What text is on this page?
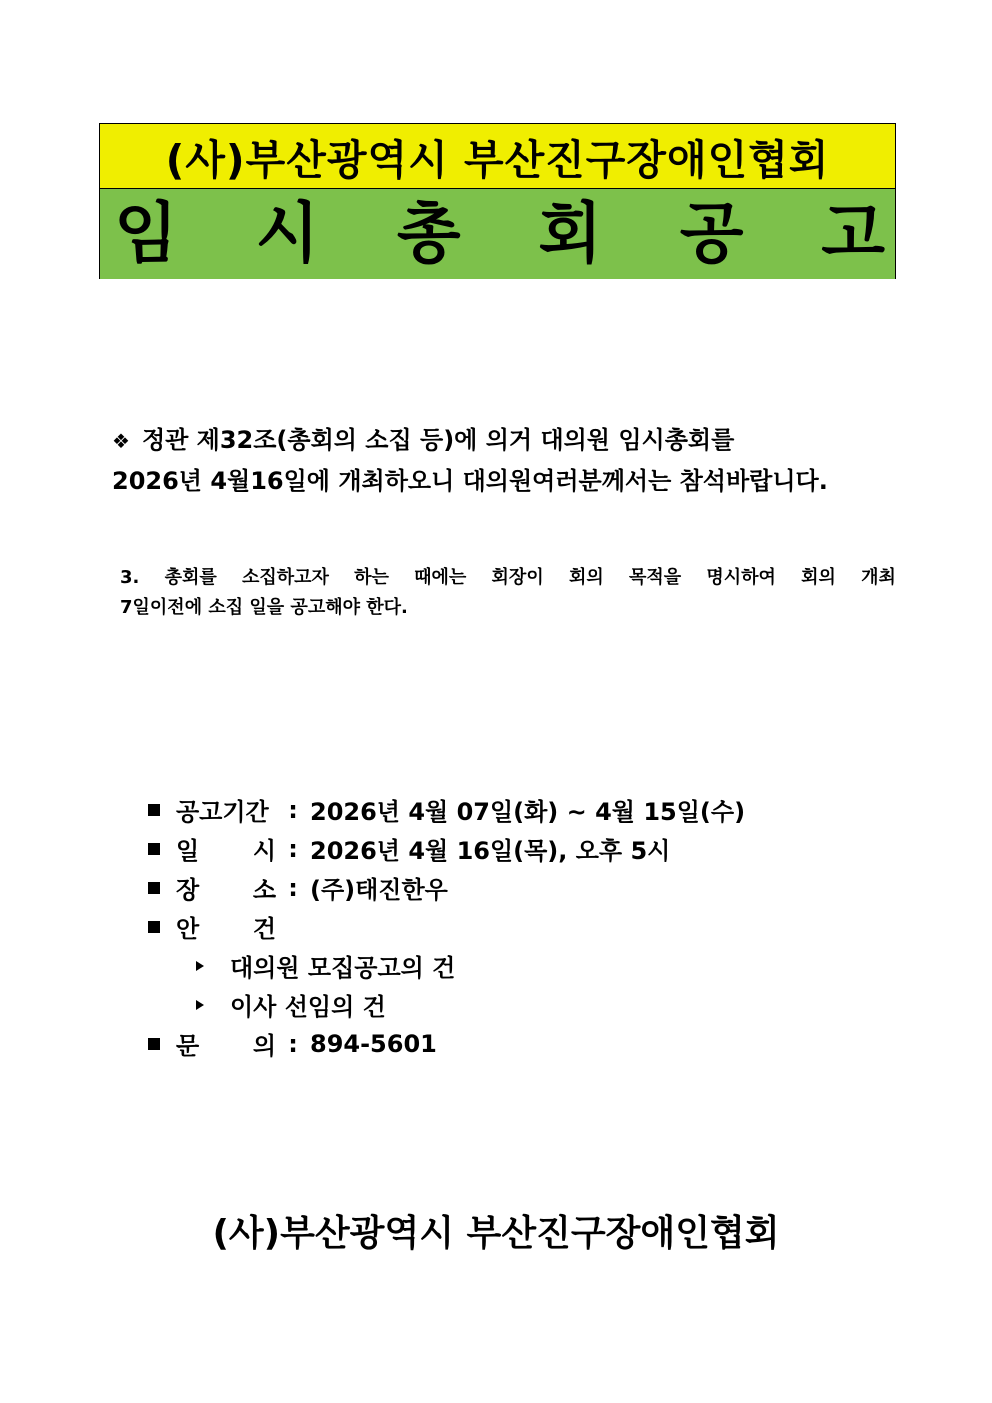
(사)부산광역시 부산진구장애인협회
임 시 총 회 공 고
❖ 정관 제32조(총회의 소집 등)에 의거 대의원 임시총회를
2026년 4월16일에 개최하오니 대의원여러분께서는 참석바랍니다.
3. 총회를 소집하고자 하는 때에는 회장이 회의 목적을 명시하여 회의 개최
7일이전에 소집 일을 공고해야 한다.
공고기간 : 2026년 4월 07일(화) ~ 4월 15일(수)
일 시 : 2026년 4월 16일(목), 오후 5시
장 소 : (주)태진한우
안 건
대의원 모집공고의 건
이사 선임의 건
문 의 : 894-5601
(사)부산광역시 부산진구장애인협회
